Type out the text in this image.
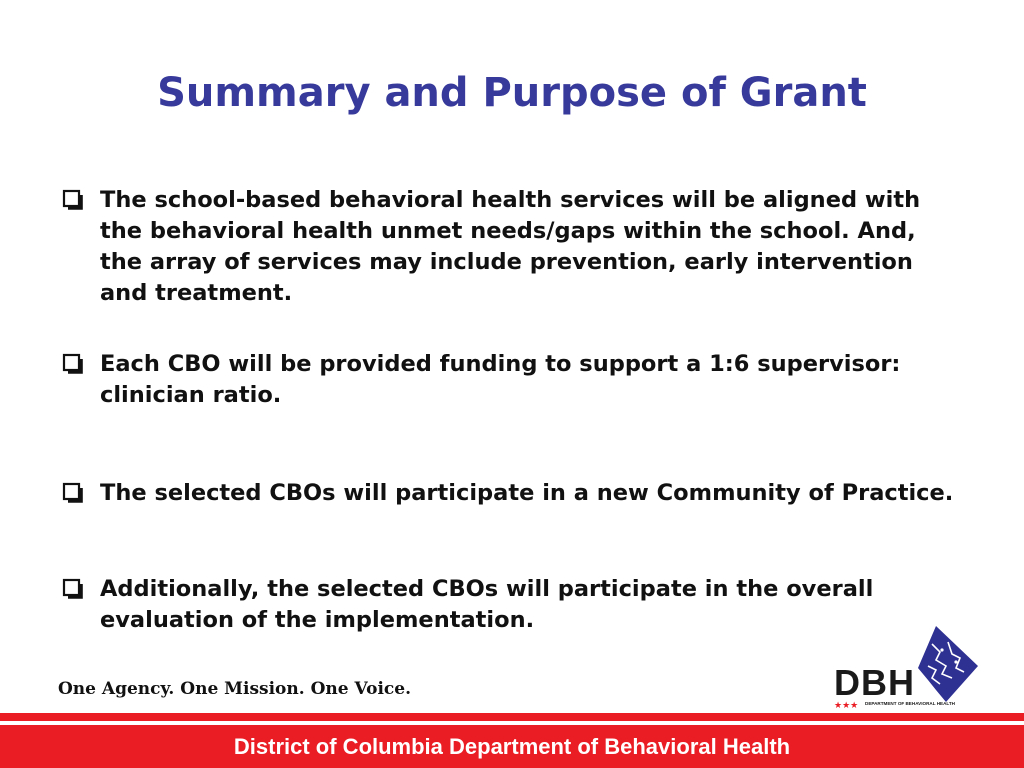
Summary and Purpose of Grant
The school-based behavioral health services will be aligned with the behavioral health unmet needs/gaps within the school. And, the array of services may include prevention, early intervention and treatment.
Each CBO will be provided funding to support a 1:6 supervisor: clinician ratio.
The selected CBOs will participate in a new Community of Practice.
Additionally, the selected CBOs will participate in the overall evaluation of the implementation.
One Agency. One Mission. One Voice.	DBH
★★★ DEPARTMENT OF BEHAVIORAL HEALTH
District of Columbia Department of Behavioral Health
